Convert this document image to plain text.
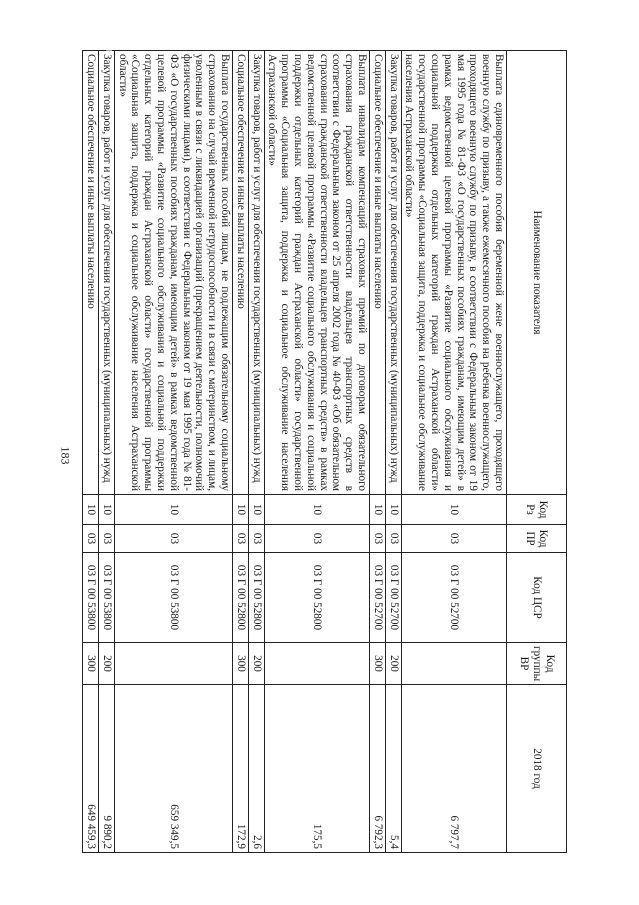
183
Наименование показателя	Код Рз	Код ПР	Код ЦСР	Код группы ВР	2018 год
Выплата единовременного пособия беременной жене военнослужащего, проходящего военную службу по призыву, а также ежемесячного пособия на ребенка военнослужащего, проходящего военную службу по призыву, в соответствии с Федеральным законом от 19 мая 1995 года № 81-ФЗ «О государственных пособиях гражданам, имеющим детей» в рамках ведомственной целевой программы «Развитие социального обслуживания и социальной поддержки отдельных категорий граждан Астраханской области» государственной программы «Социальная защита, поддержка и социальное обслуживание населения Астраханской области»	10	03	03 Г 00 52700		6 797,7
Закупка товаров, работ и услуг для обеспечения государственных (муниципальных) нужд	10	03	03 Г 00 52700	200	5,4
Социальное обеспечение и иные выплаты населению	10	03	03 Г 00 52700	300	6 792,3
Выплата инвалидам компенсаций страховых премий по договорам обязательного страхования гражданской ответственности владельцев транспортных средств в соответствии с Федеральным законом от 25 апреля 2002 года № 40-ФЗ «Об обязательном страховании гражданской ответственности владельцев транспортных средств» в рамках ведомственной целевой программы «Развитие социального обслуживания и социальной поддержки отдельных категорий граждан Астраханской области» государственной программы «Социальная защита, поддержка и социальное обслуживание населения Астраханской области»	10	03	03 Г 00 52800		175,5
Закупка товаров, работ и услуг для обеспечения государственных (муниципальных) нужд	10	03	03 Г 00 52800	200	2,6
Социальное обеспечение и иные выплаты населению	10	03	03 Г 00 52800	300	172,9
Выплата государственных пособий лицам, не подлежащим обязательному социальному страхованию на случай временной нетрудоспособности и в связи с материнством, и лицам, уволенным в связи с ликвидацией организаций (прекращением деятельности, полномочий физическими лицами), в соответствии с Федеральным законом от 19 мая 1995 года № 81-ФЗ «О государственных пособиях гражданам, имеющим детей» в рамках ведомственной целевой программы «Развитие социального обслуживания и социальной поддержки отдельных категорий граждан Астраханской области» государственной программы «Социальная защита, поддержка и социальное обслуживание населения Астраханской области»	10	03	03 Г 00 53800		659 349,5
Закупка товаров, работ и услуг для обеспечения государственных (муниципальных) нужд	10	03	03 Г 00 53800	200	9 890,2
Социальное обеспечение и иные выплаты населению	10	03	03 Г 00 53800	300	649 459,3
